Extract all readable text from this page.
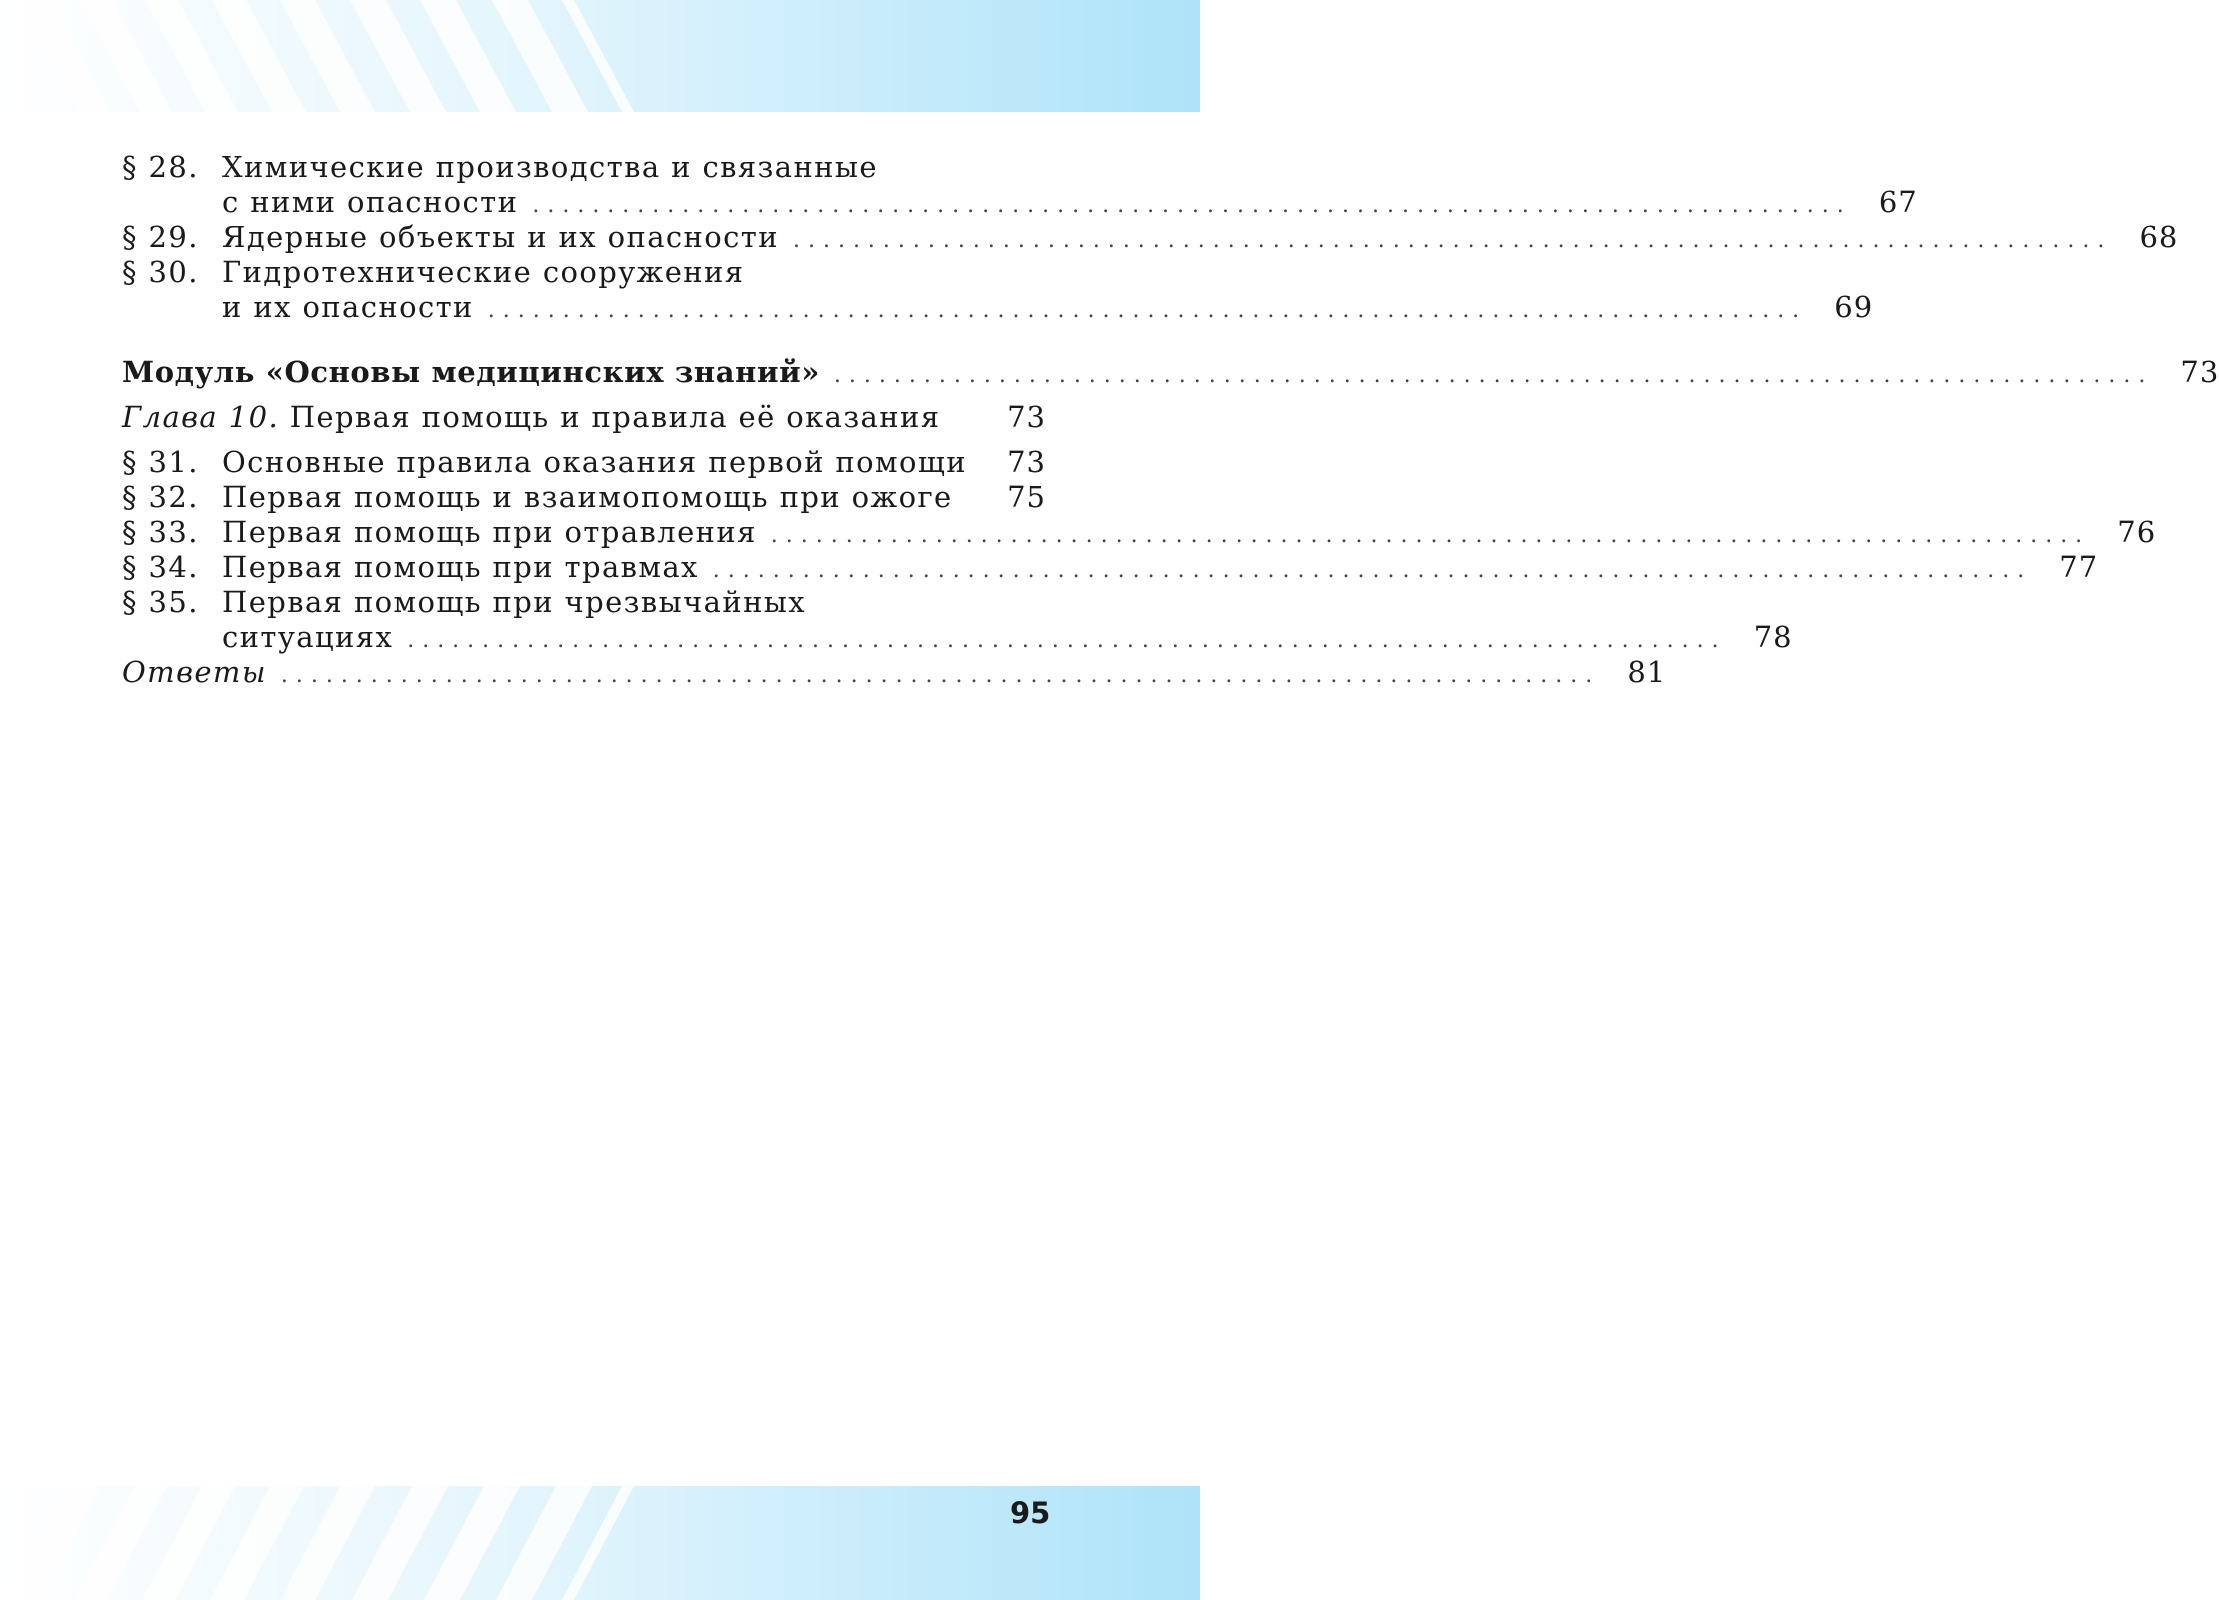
§ 28. Химические производства и связанные
с ними опасности ........................................................................................ 67
§ 29. Ядерные объекты и их опасности ........................................................................................ 68
§ 30. Гидротехнические сооружения
и их опасности ........................................................................................ 69
Модуль «Основы медицинских знаний» ........................................................................................ 73
Глава 10. Первая помощь и правила её оказания 73
§ 31. Основные правила оказания первой помощи 73
§ 32. Первая помощь и взаимопомощь при ожоге 75
§ 33. Первая помощь при отравления ........................................................................................ 76
§ 34. Первая помощь при травмах ........................................................................................ 77
§ 35. Первая помощь при чрезвычайных
ситуациях ........................................................................................ 78
Ответы ........................................................................................ 81
95
